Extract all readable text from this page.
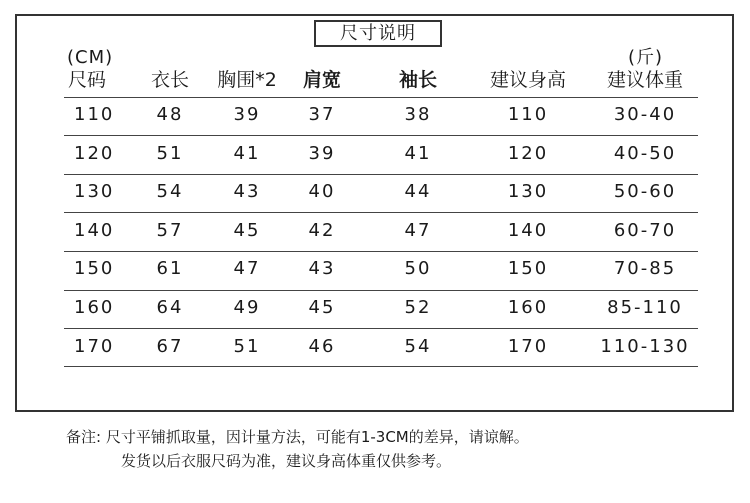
尺寸说明
(CM)	(斤)
尺码 衣长 胸围*2 肩宽	袖长	建议身高 建议体重
110 48	39	37	38	110	30-40
120 51	41	39	41	120	40-50
130 54	43	40	44	130	50-60
140 57	45	42	47	140	60-70
150 61	47	43	50	150	70-85
160 64	49	45	52	160	85-110
170 67	51	46	54	170	110-130
备注: 尺寸平铺抓取量，因计量方法，可能有1-3CM的差异，请谅解。
发货以后衣服尺码为准，建议身高体重仅供参考。
